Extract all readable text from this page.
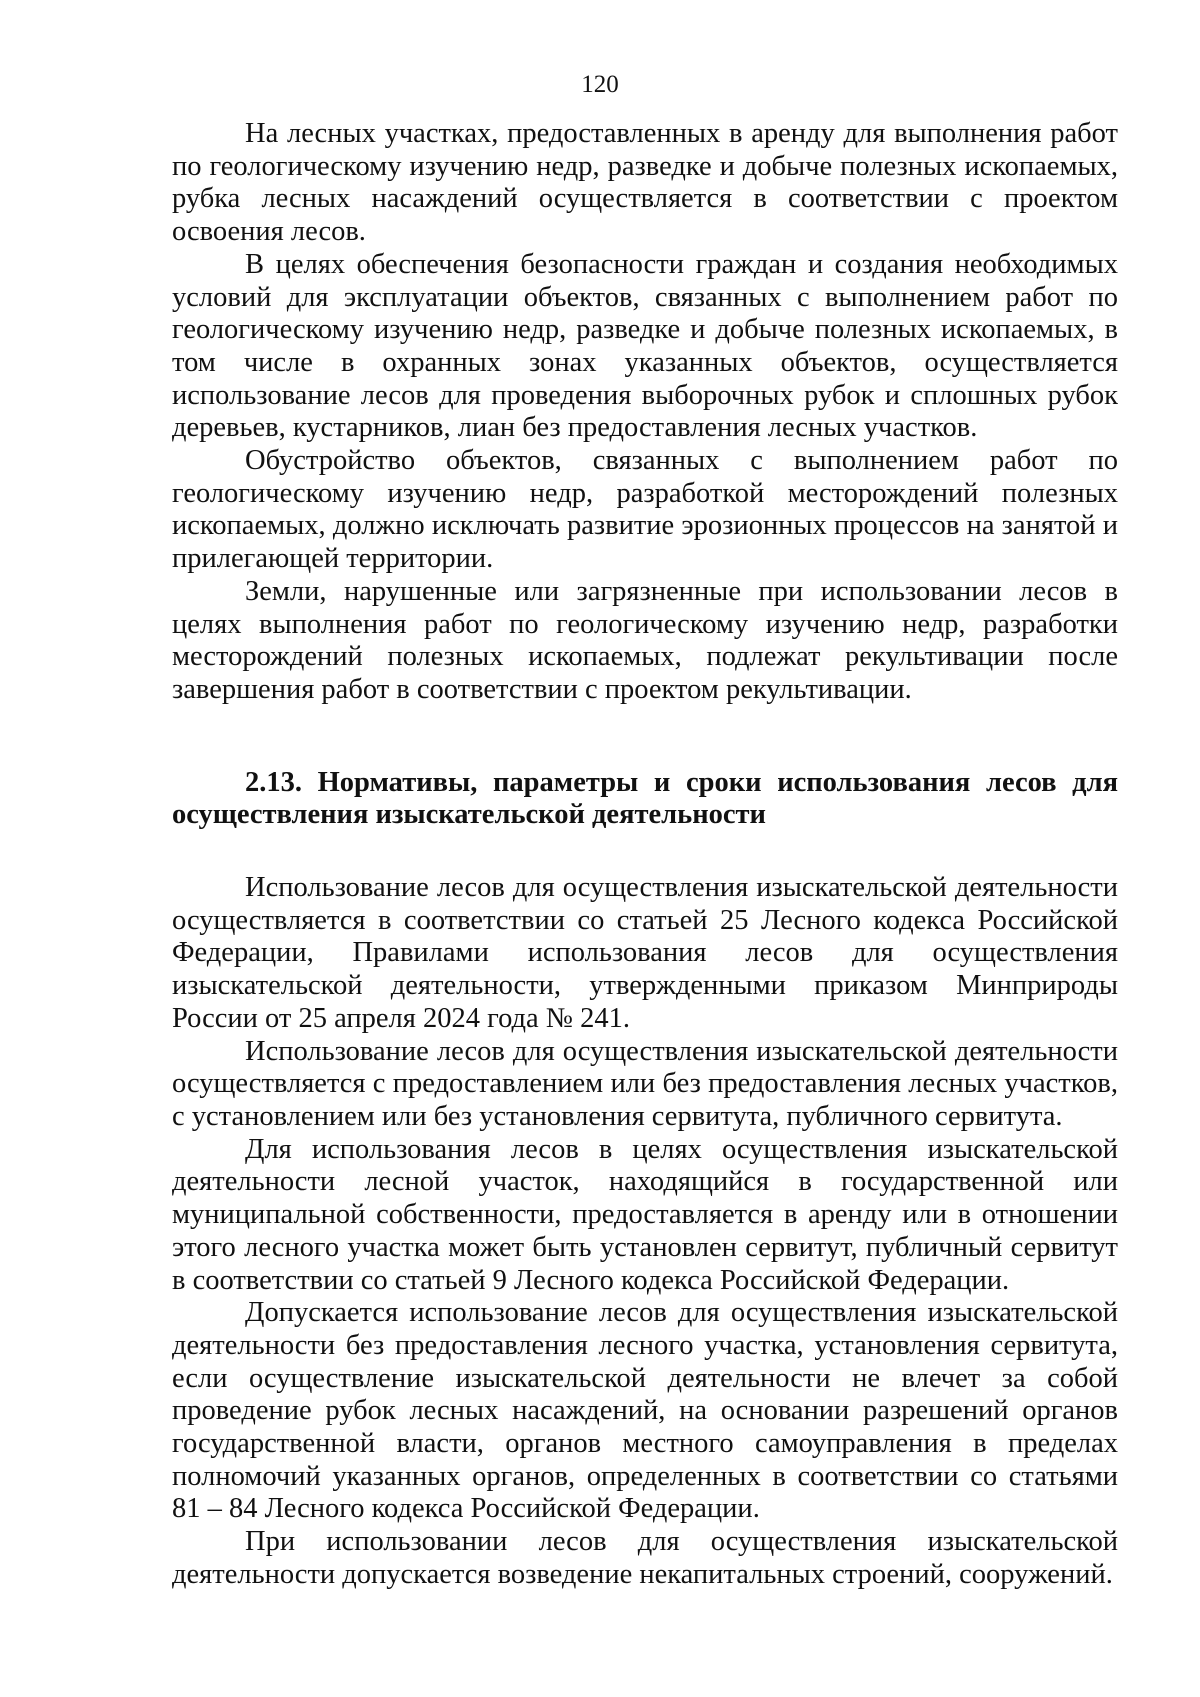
120

На лесных участках, предоставленных в аренду для выполнения работ по геологическому изучению недр, разведке и добыче полезных ископаемых, рубка лесных насаждений осуществляется в соответствии с проектом освоения лесов.

В целях обеспечения безопасности граждан и создания необходимых условий для эксплуатации объектов, связанных с выполнением работ по геологическому изучению недр, разведке и добыче полезных ископаемых, в том числе в охранных зонах указанных объектов, осуществляется использование лесов для проведения выборочных рубок и сплошных рубок деревьев, кустарников, лиан без предоставления лесных участков.

Обустройство объектов, связанных с выполнением работ по геологическому изучению недр, разработкой месторождений полезных ископаемых, должно исключать развитие эрозионных процессов на занятой и прилегающей территории.

Земли, нарушенные или загрязненные при использовании лесов в целях выполнения работ по геологическому изучению недр, разработки месторождений полезных ископаемых, подлежат рекультивации после завершения работ в соответствии с проектом рекультивации.

2.13. Нормативы, параметры и сроки использования лесов для осуществления изыскательской деятельности

Использование лесов для осуществления изыскательской деятельности осуществляется в соответствии со статьей 25 Лесного кодекса Российской Федерации, Правилами использования лесов для осуществления изыскательской деятельности, утвержденными приказом Минприроды России от 25 апреля 2024 года № 241.

Использование лесов для осуществления изыскательской деятельности осуществляется с предоставлением или без предоставления лесных участков, с установлением или без установления сервитута, публичного сервитута.

Для использования лесов в целях осуществления изыскательской деятельности лесной участок, находящийся в государственной или муниципальной собственности, предоставляется в аренду или в отношении этого лесного участка может быть установлен сервитут, публичный сервитут в соответствии со статьей 9 Лесного кодекса Российской Федерации.

Допускается использование лесов для осуществления изыскательской деятельности без предоставления лесного участка, установления сервитута, если осуществление изыскательской деятельности не влечет за собой проведение рубок лесных насаждений, на основании разрешений органов государственной власти, органов местного самоуправления в пределах полномочий указанных органов, определенных в соответствии со статьями 81 – 84 Лесного кодекса Российской Федерации.

При использовании лесов для осуществления изыскательской деятельности допускается возведение некапитальных строений, сооружений.
